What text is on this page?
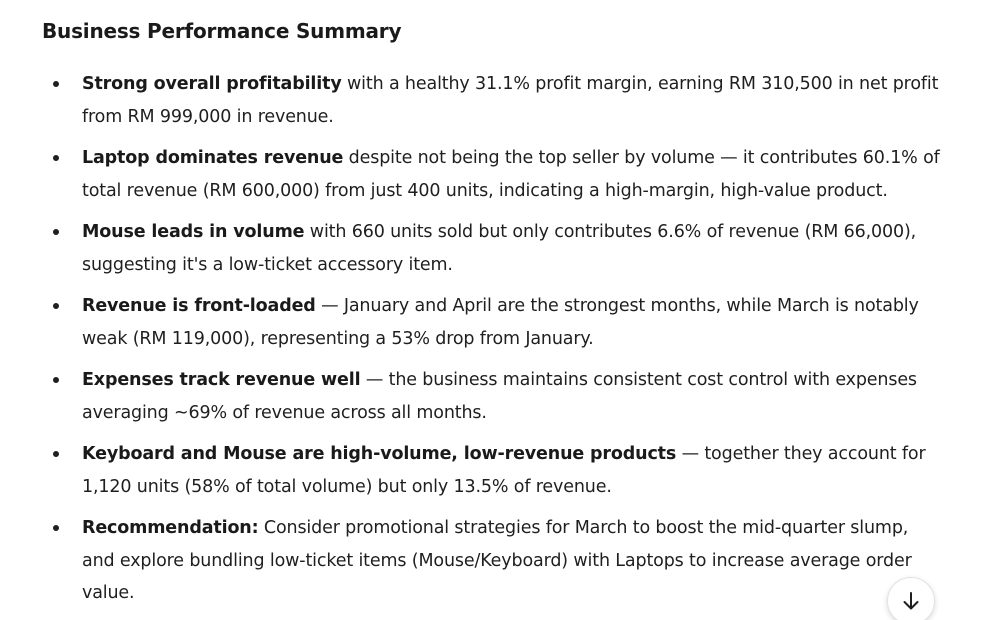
Business Performance Summary
Strong overall profitability with a healthy 31.1% profit margin, earning RM 310,500 in net profit from RM 999,000 in revenue.
Laptop dominates revenue despite not being the top seller by volume — it contributes 60.1% of total revenue (RM 600,000) from just 400 units, indicating a high-margin, high-value product.
Mouse leads in volume with 660 units sold but only contributes 6.6% of revenue (RM 66,000), suggesting it's a low-ticket accessory item.
Revenue is front-loaded — January and April are the strongest months, while March is notably weak (RM 119,000), representing a 53% drop from January.
Expenses track revenue well — the business maintains consistent cost control with expenses averaging ~69% of revenue across all months.
Keyboard and Mouse are high-volume, low-revenue products — together they account for 1,120 units (58% of total volume) but only 13.5% of revenue.
Recommendation: Consider promotional strategies for March to boost the mid-quarter slump, and explore bundling low-ticket items (Mouse/Keyboard) with Laptops to increase average order value.
